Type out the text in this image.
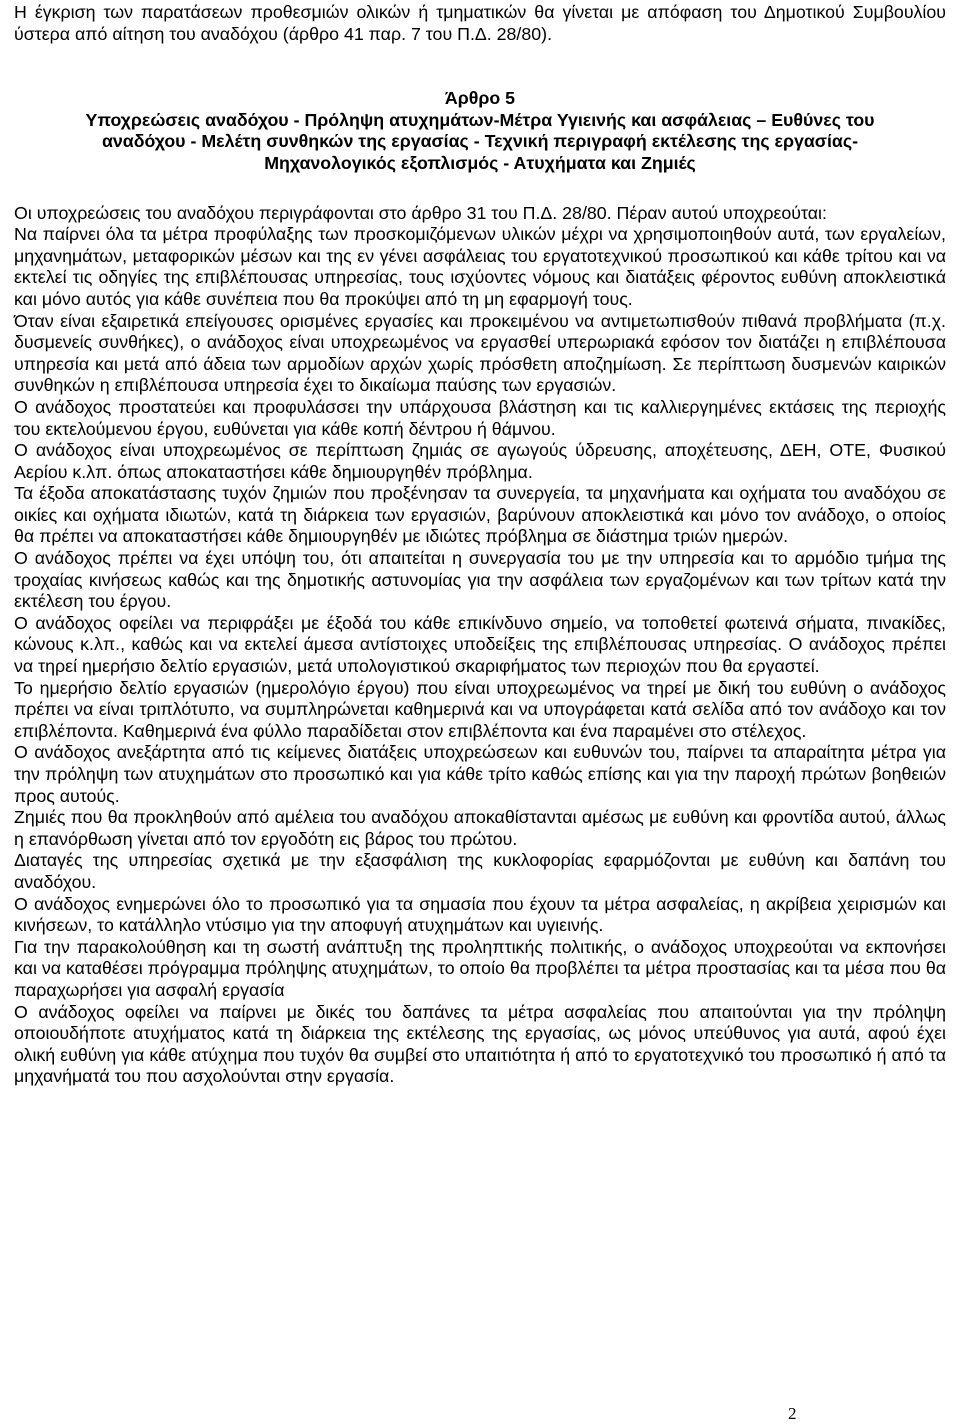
Η έγκριση των παρατάσεων προθεσμιών ολικών ή τμηματικών θα γίνεται με απόφαση του Δημοτικού Συμβουλίου ύστερα από αίτηση του αναδόχου (άρθρο 41 παρ. 7 του Π.Δ. 28/80).

Άρθρο 5
Υποχρεώσεις αναδόχου - Πρόληψη ατυχημάτων-Μέτρα Υγιεινής και ασφάλειας – Ευθύνες του
αναδόχου - Μελέτη συνθηκών της εργασίας - Τεχνική περιγραφή εκτέλεσης της εργασίας-
Μηχανολογικός εξοπλισμός - Ατυχήματα και Ζημιές

Οι υποχρεώσεις του αναδόχου περιγράφονται στο άρθρο 31 του Π.Δ. 28/80. Πέραν αυτού υποχρεούται:

Να παίρνει όλα τα μέτρα προφύλαξης των προσκομιζόμενων υλικών μέχρι να χρησιμοποιηθούν αυτά, των εργαλείων, μηχανημάτων, μεταφορικών μέσων και της εν γένει ασφάλειας του εργατοτεχνικού προσωπικού και κάθε τρίτου και να εκτελεί τις οδηγίες της επιβλέπουσας υπηρεσίας, τους ισχύοντες νόμους και διατάξεις φέροντος ευθύνη αποκλειστικά και μόνο αυτός για κάθε συνέπεια που θα προκύψει από τη μη εφαρμογή τους.

Όταν είναι εξαιρετικά επείγουσες ορισμένες εργασίες και προκειμένου να αντιμετωπισθούν πιθανά προβλήματα (π.χ. δυσμενείς συνθήκες), ο ανάδοχος είναι υποχρεωμένος να εργασθεί υπερωριακά εφόσον τον διατάζει η επιβλέπουσα υπηρεσία και μετά από άδεια των αρμοδίων αρχών χωρίς πρόσθετη αποζημίωση. Σε περίπτωση δυσμενών καιρικών συνθηκών η επιβλέπουσα υπηρεσία έχει το δικαίωμα παύσης των εργασιών.

Ο ανάδοχος προστατεύει και προφυλάσσει την υπάρχουσα βλάστηση και τις καλλιεργημένες εκτάσεις της περιοχής του εκτελούμενου έργου, ευθύνεται για κάθε κοπή δέντρου ή θάμνου.

Ο ανάδοχος είναι υποχρεωμένος σε περίπτωση ζημιάς σε αγωγούς ύδρευσης, αποχέτευσης, ΔΕΗ, ΟΤΕ, Φυσικού Αερίου κ.λπ. όπως αποκαταστήσει κάθε δημιουργηθέν πρόβλημα.

Τα έξοδα αποκατάστασης τυχόν ζημιών που προξένησαν τα συνεργεία, τα μηχανήματα και οχήματα του αναδόχου σε οικίες και οχήματα ιδιωτών, κατά τη διάρκεια των εργασιών, βαρύνουν αποκλειστικά και μόνο τον ανάδοχο, ο οποίος θα πρέπει να αποκαταστήσει κάθε δημιουργηθέν με ιδιώτες πρόβλημα σε διάστημα τριών ημερών.

Ο ανάδοχος πρέπει να έχει υπόψη του, ότι απαιτείται η συνεργασία του με την υπηρεσία και το αρμόδιο τμήμα της τροχαίας κινήσεως καθώς και της δημοτικής αστυνομίας για την ασφάλεια των εργαζομένων και των τρίτων κατά την εκτέλεση του έργου.

Ο ανάδοχος οφείλει να περιφράξει με έξοδά του κάθε επικίνδυνο σημείο, να τοποθετεί φωτεινά σήματα, πινακίδες, κώνους κ.λπ., καθώς και να εκτελεί άμεσα αντίστοιχες υποδείξεις της επιβλέπουσας υπηρεσίας. Ο ανάδοχος πρέπει να τηρεί ημερήσιο δελτίο εργασιών, μετά υπολογιστικού σκαριφήματος των περιοχών που θα εργαστεί.

Το ημερήσιο δελτίο εργασιών (ημερολόγιο έργου) που είναι υποχρεωμένος να τηρεί με δική του ευθύνη ο ανάδοχος πρέπει να είναι τριπλότυπο, να συμπληρώνεται καθημερινά και να υπογράφεται κατά σελίδα από τον ανάδοχο και τον επιβλέποντα. Καθημερινά ένα φύλλο παραδίδεται στον επιβλέποντα και ένα παραμένει στο στέλεχος.

Ο ανάδοχος ανεξάρτητα από τις κείμενες διατάξεις υποχρεώσεων και ευθυνών του, παίρνει τα απαραίτητα μέτρα για την πρόληψη των ατυχημάτων στο προσωπικό και για κάθε τρίτο καθώς επίσης και για την παροχή πρώτων βοηθειών προς αυτούς.

Ζημιές που θα προκληθούν από αμέλεια του αναδόχου αποκαθίστανται αμέσως με ευθύνη και φροντίδα αυτού, άλλως η επανόρθωση γίνεται από τον εργοδότη εις βάρος του πρώτου.

Διαταγές της υπηρεσίας σχετικά με την εξασφάλιση της κυκλοφορίας εφαρμόζονται με ευθύνη και δαπάνη του αναδόχου.

Ο ανάδοχος ενημερώνει όλο το προσωπικό για τα σημασία που έχουν τα μέτρα ασφαλείας, η ακρίβεια χειρισμών και κινήσεων, το κατάλληλο ντύσιμο για την αποφυγή ατυχημάτων και υγιεινής.

Για την παρακολούθηση και τη σωστή ανάπτυξη της προληπτικής πολιτικής, ο ανάδοχος υποχρεούται να εκπονήσει και να καταθέσει πρόγραμμα πρόληψης ατυχημάτων, το οποίο θα προβλέπει τα μέτρα προστασίας και τα μέσα που θα παραχωρήσει για ασφαλή εργασία

Ο ανάδοχος οφείλει να παίρνει με δικές του δαπάνες τα μέτρα ασφαλείας που απαιτούνται για την πρόληψη οποιουδήποτε ατυχήματος κατά τη διάρκεια της εκτέλεσης της εργασίας, ως μόνος υπεύθυνος για αυτά, αφού έχει ολική ευθύνη για κάθε ατύχημα που τυχόν θα συμβεί στο υπαιτιότητα ή από το εργατοτεχνικό του προσωπικό ή από τα μηχανήματά του που ασχολούνται στην εργασία.

2
